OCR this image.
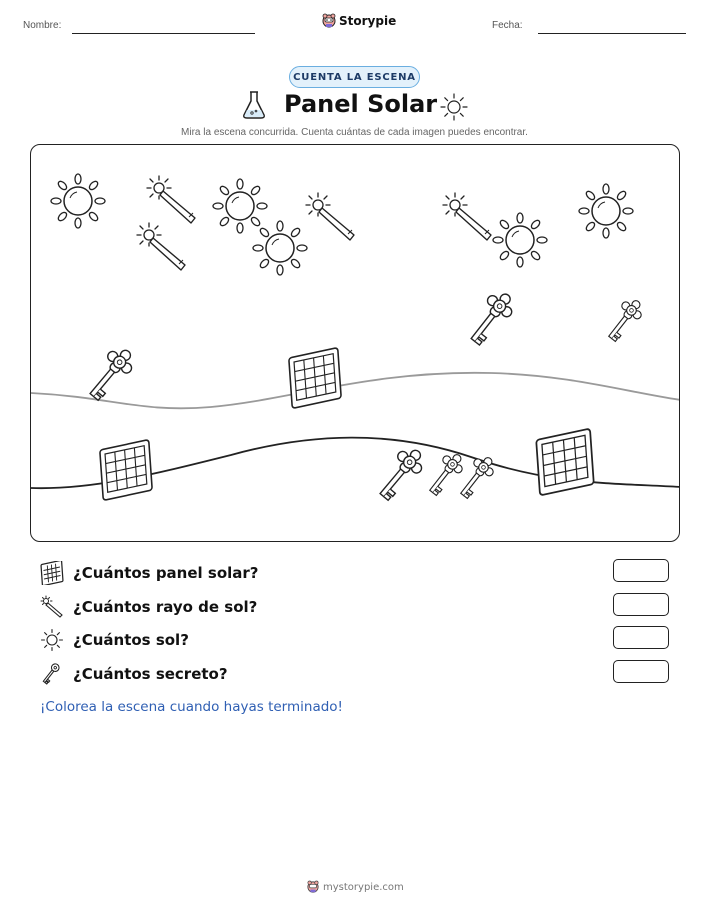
Nombre:	Storypie	Fecha:
CUENTA LA ESCENA
Panel Solar
Mira la escena concurrida. Cuenta cuántas de cada imagen puedes encontrar.
¿Cuántos panel solar?
¿Cuántos rayo de sol?
¿Cuántos sol?
¿Cuántos secreto?
¡Colorea la escena cuando hayas terminado!
mystorypie.com
